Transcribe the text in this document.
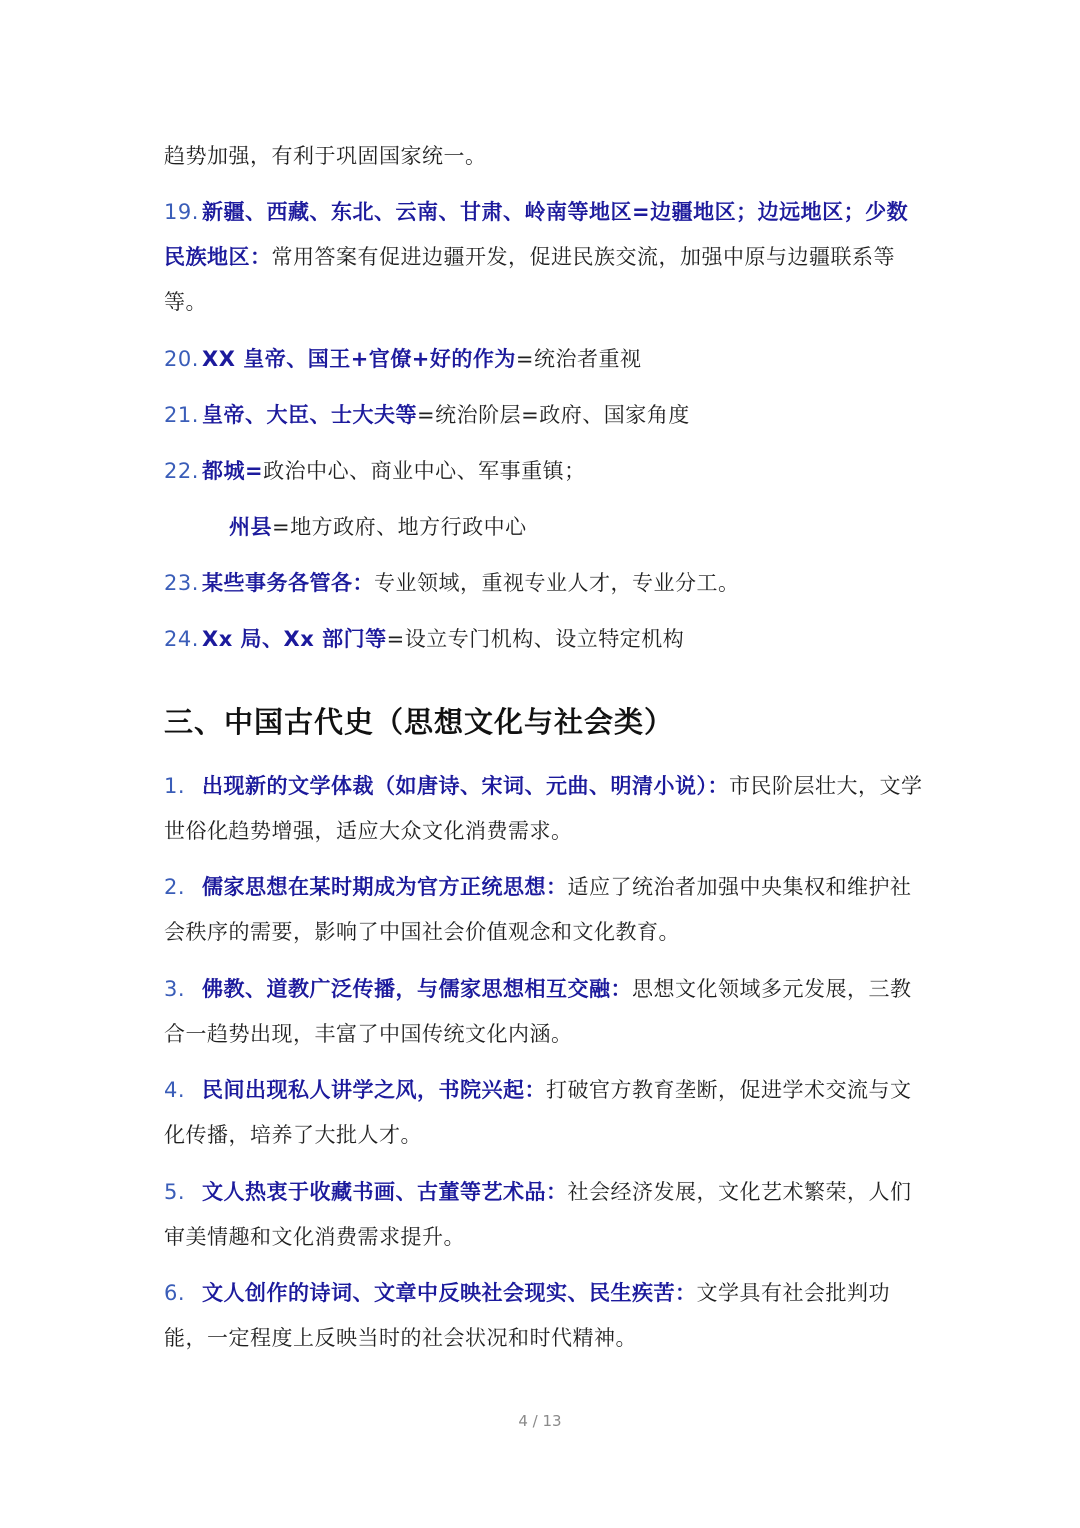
趋势加强，有利于巩固国家统一。

19. 新疆、西藏、东北、云南、甘肃、岭南等地区=边疆地区；边远地区；少数民族地区：常用答案有促进边疆开发，促进民族交流，加强中原与边疆联系等等。

20. XX 皇帝、国王+官僚+好的作为=统治者重视

21. 皇帝、大臣、士大夫等=统治阶层=政府、国家角度

22. 都城=政治中心、商业中心、军事重镇；

州县=地方政府、地方行政中心

23. 某些事务各管各：专业领域，重视专业人才，专业分工。

24. Xx 局、Xx 部门等=设立专门机构、设立特定机构

三、中国古代史（思想文化与社会类）

1. 出现新的文学体裁（如唐诗、宋词、元曲、明清小说）：市民阶层壮大，文学世俗化趋势增强，适应大众文化消费需求。

2. 儒家思想在某时期成为官方正统思想：适应了统治者加强中央集权和维护社会秩序的需要，影响了中国社会价值观念和文化教育。

3. 佛教、道教广泛传播，与儒家思想相互交融：思想文化领域多元发展，三教合一趋势出现，丰富了中国传统文化内涵。

4. 民间出现私人讲学之风，书院兴起：打破官方教育垄断，促进学术交流与文化传播，培养了大批人才。

5. 文人热衷于收藏书画、古董等艺术品：社会经济发展，文化艺术繁荣，人们审美情趣和文化消费需求提升。

6. 文人创作的诗词、文章中反映社会现实、民生疾苦：文学具有社会批判功能，一定程度上反映当时的社会状况和时代精神。

4 / 13
